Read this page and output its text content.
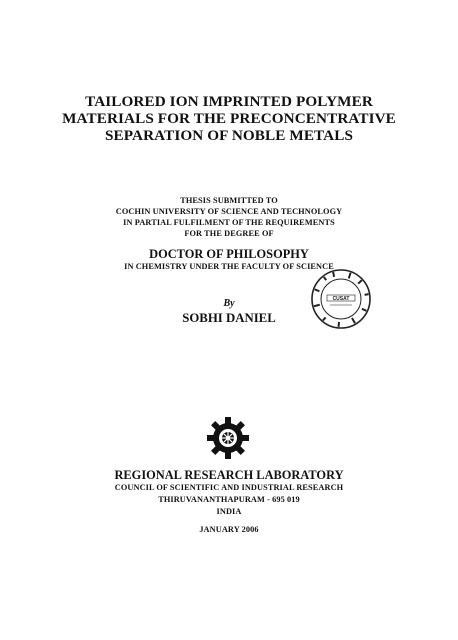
TAILORED ION IMPRINTED POLYMER
MATERIALS FOR THE PRECONCENTRATIVE
SEPARATION OF NOBLE METALS
THESIS SUBMITTED TO
COCHIN UNIVERSITY OF SCIENCE AND TECHNOLOGY
IN PARTIAL FULFILMENT OF THE REQUIREMENTS
FOR THE DEGREE OF
DOCTOR OF PHILOSOPHY
IN CHEMISTRY UNDER THE FACULTY OF SCIENCE
CUSAT
By
SOBHI DANIEL
REGIONAL RESEARCH LABORATORY
COUNCIL OF SCIENTIFIC AND INDUSTRIAL RESEARCH
THIRUVANANTHAPURAM - 695 019
INDIA
JANUARY 2006
